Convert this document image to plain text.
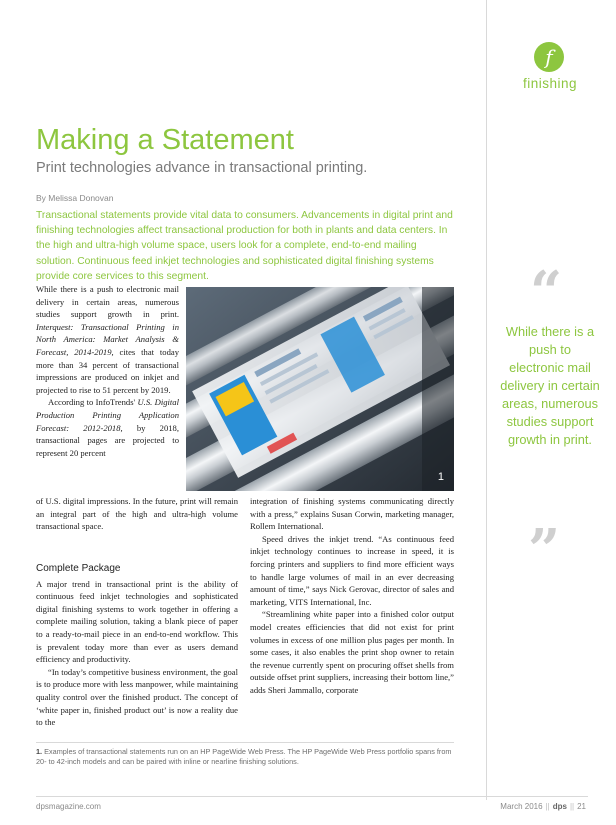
f
finishing
Making a Statement
Print technologies advance in transactional printing.
By Melissa Donovan

Transactional statements provide vital data to consumers. Advancements in digital print and finishing technologies affect transactional production for both in plants and data centers. In the high and ultra-high volume space, users look for a complete, end-to-end mailing solution. Continuous feed inkjet technologies and sophisticated digital finishing systems provide core services to this segment.

While there is a push to electronic mail delivery in certain areas, numerous studies support growth in print. Interquest: Transactional Printing in North America: Market Analysis & Forecast, 2014-2019, cites that today more than 34 percent of transactional impressions are produced on inkjet and projected to rise to 51 percent by 2019.

According to InfoTrends' U.S. Digital Production Printing Application Forecast: 2012-2018, by 2018, transactional pages are projected to represent 20 percent

of U.S. digital impressions. In the future, print will remain an integral part of the high and ultra-high volume transactional space.

Complete Package

A major trend in transactional print is the ability of continuous feed inkjet technologies and sophisticated digital finishing systems to work together in offering a complete mailing solution, taking a blank piece of paper to a ready-to-mail piece in an end-to-end workflow. This is prevalent today more than ever as users demand efficiency and productivity.

“In today’s competitive business environment, the goal is to produce more with less manpower, while maintaining quality control over the finished product. The concept of ‘white paper in, finished product out’ is now a reality due to the

integration of finishing systems communicating directly with a press,” explains Susan Corwin, marketing manager, Rollem International.

Speed drives the inkjet trend. “As continuous feed inkjet technology continues to increase in speed, it is forcing printers and suppliers to find more efficient ways to handle large volumes of mail in an ever decreasing amount of time,” says Nick Gerovac, director of sales and marketing, VITS International, Inc.

“Streamlining white paper into a finished color output model creates efficiencies that did not exist for print volumes in excess of one million plus pages per month. In some cases, it also enables the print shop owner to retain the revenue currently spent on procuring offset shells from outside offset print suppliers, increasing their bottom line,” adds Sheri Jammallo, corporate

1
“

While there is a push to electronic mail delivery in certain areas, numerous studies support growth in print.

”

1. Examples of transactional statements run on an HP PageWide Web Press. The HP PageWide Web Press portfolio spans from 20- to 42-inch models and can be paired with inline or nearline finishing solutions.

dpsmagazine.com	March 2016 || dps || 21
